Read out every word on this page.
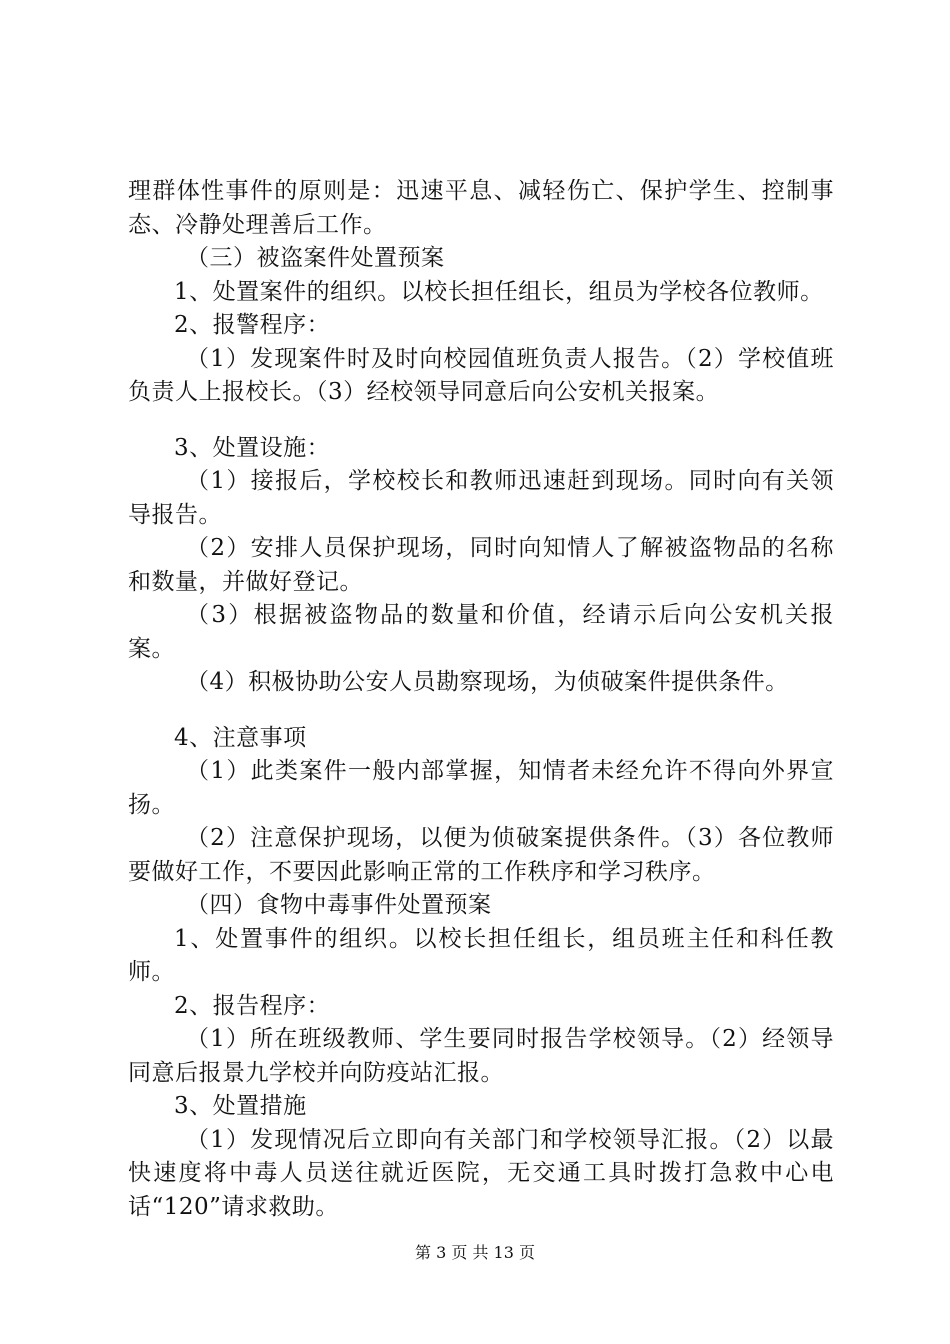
理群体性事件的原则是：迅速平息、减轻伤亡、保护学生、控制事态、冷静处理善后工作。

（三）被盗案件处置预案

1、处置案件的组织。以校长担任组长，组员为学校各位教师。

2、报警程序：

（1）发现案件时及时向校园值班负责人报告。（2）学校值班负责人上报校长。（3）经校领导同意后向公安机关报案。

3、处置设施：

（1）接报后，学校校长和教师迅速赶到现场。同时向有关领导报告。

（2）安排人员保护现场，同时向知情人了解被盗物品的名称和数量，并做好登记。

（3）根据被盗物品的数量和价值，经请示后向公安机关报案。

（4）积极协助公安人员勘察现场，为侦破案件提供条件。

4、注意事项

（1）此类案件一般内部掌握，知情者未经允许不得向外界宣扬。

（2）注意保护现场，以便为侦破案提供条件。（3）各位教师要做好工作，不要因此影响正常的工作秩序和学习秩序。

（四）食物中毒事件处置预案

1、处置事件的组织。以校长担任组长，组员班主任和科任教师。

2、报告程序：

（1）所在班级教师、学生要同时报告学校领导。（2）经领导同意后报景九学校并向防疫站汇报。

3、处置措施

（1）发现情况后立即向有关部门和学校领导汇报。（2）以最快速度将中毒人员送往就近医院，无交通工具时拨打急救中心电话“120”请求救助。

第 3 页 共 13 页
